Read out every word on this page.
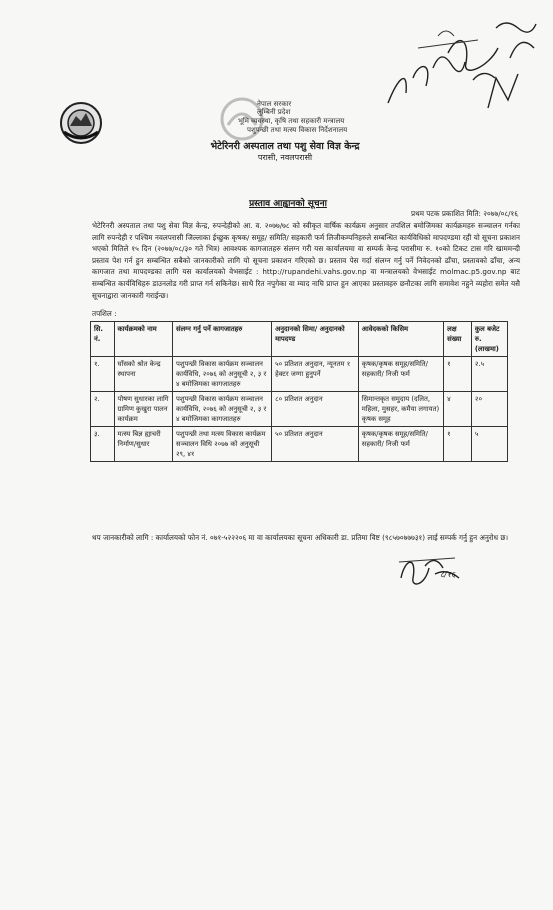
नेपाल सरकार
लुम्बिनी प्रदेश
भूमि व्यवस्था, कृषि तथा सहकारी मन्त्रालय
पशुपन्छी तथा मत्स्य विकास निर्देशनालय
भेटेरिनरी अस्पताल तथा पशु सेवा विज्ञ केन्द्र
परासी, नवलपरासी
प्रस्ताव आह्वानको सूचना
प्रथम पटक प्रकाशित मिति: २०७७/०८/१६
भेटेरिनरी अस्पताल तथा पशु सेवा विज्ञ केन्द्र, रुपन्देहीको आ. व. २०७७/७८ को स्वीकृत वार्षिक कार्यक्रम अनुसार तपशिल बमोजिमका कार्यक्रमहरु सञ्चालन गर्नका लागि रुपन्देही र पश्चिम नवलपरासी जिल्लाका ईच्छुक कृषक/ समूह/ समिति/ सहकारी फर्म लिजीकम्पनिहरुले सम्बन्धित कार्यविधिको मापदण्डमा रही यो सूचना प्रकाशन भएको मितिले १५ दिन (२०७७/०८/३० गते भित्र) आवश्यक कागजातहरु संलग्न गरी यस कार्यालयमा वा सम्पर्क केन्द्र परासीमा रु. १०को टिकट टास गरि खाममन्दी प्रस्ताव पेश गर्न हुन सम्बन्धित सबैको जानकारीको लागि यो सूचना प्रकाशन गरिएको छ। प्रस्ताव पेस गर्दा संलग्न गर्नु पर्ने निवेदनको ढाँचा, प्रस्तावको ढाँचा, अन्य कागजात तथा मापदण्डका लागि यस कार्यालयको वेभसाईट : http://rupandehi.vahs.gov.np वा मन्त्रालयको वेभसाईट molmac.p5.gov.np बाट सम्बन्धित कार्यविधिहरु डाउनलोड गरी प्राप्त गर्न सकिनेछ। साथै रित नपुगेका वा म्याद नाघि प्राप्त हुन आएका प्रस्तावहरु छनौटका लागि समावेश नहुने व्यहोरा समेत यसै सूचनाद्वारा जानकारी गराईन्छ।
तपशिल :
सि. नं.	कार्यक्रमको नाम	संलग्न गर्नु पर्ने कागजातहरु	अनुदानको सिमा/ अनुदानको मापदण्ड	आवेदकको किसिम	लक्ष संख्या	कुल बजेट रु. (लाखमा)
१.	घाँसको श्रोत केन्द्र स्थापना	पशुपन्छी विकास कार्यक्रम सञ्चालन कार्यविधि, २०७६ को अनुसूची २, ३ र ४ बमोजिमका कागजातहरु	५० प्रतिशत अनुदान, न्यूनतम १ हेक्टर जग्गा हुनुपर्ने	कृषक/कृषक समूह/समिति/ सहकारी/ निजी फर्म	१	२.५
२.	पोषण सुधारका लागि ग्रामिण कुखुरा पालन कार्यक्रम	पशुपन्छी विकास कार्यक्रम सञ्चालन कार्यविधि, २०७६ को अनुसूची २, ३ र ४ बमोजिमका कागजातहरु	८० प्रतिशत अनुदान	सिमान्तकृत समुदाय (दलित, महिला, मुसहर, कमैया लगायत) कृषक समूह	४	२०
३.	मत्स्य बिज्ञ ह्याचरी निर्माण/सुधार	पशुपन्छी तथा मत्स्य विकास कार्यक्रम सञ्चालन विधि २०७७ को अनुसूची २९, ४१	५० प्रतिशत अनुदान	कृषक/कृषक समूह/समिति/ सहकारी/ निजी फर्म	१	५
थप जानकारीको लागि : कार्यालयको फोन नं. ०७१-५२२२०६ मा वा कार्यालयका सूचना अधिकारी डा. प्रतिमा विष्ट (९८५७०७७७३१) लाई सम्पर्क गर्नु हुन अनुरोध छ।
८/१६
